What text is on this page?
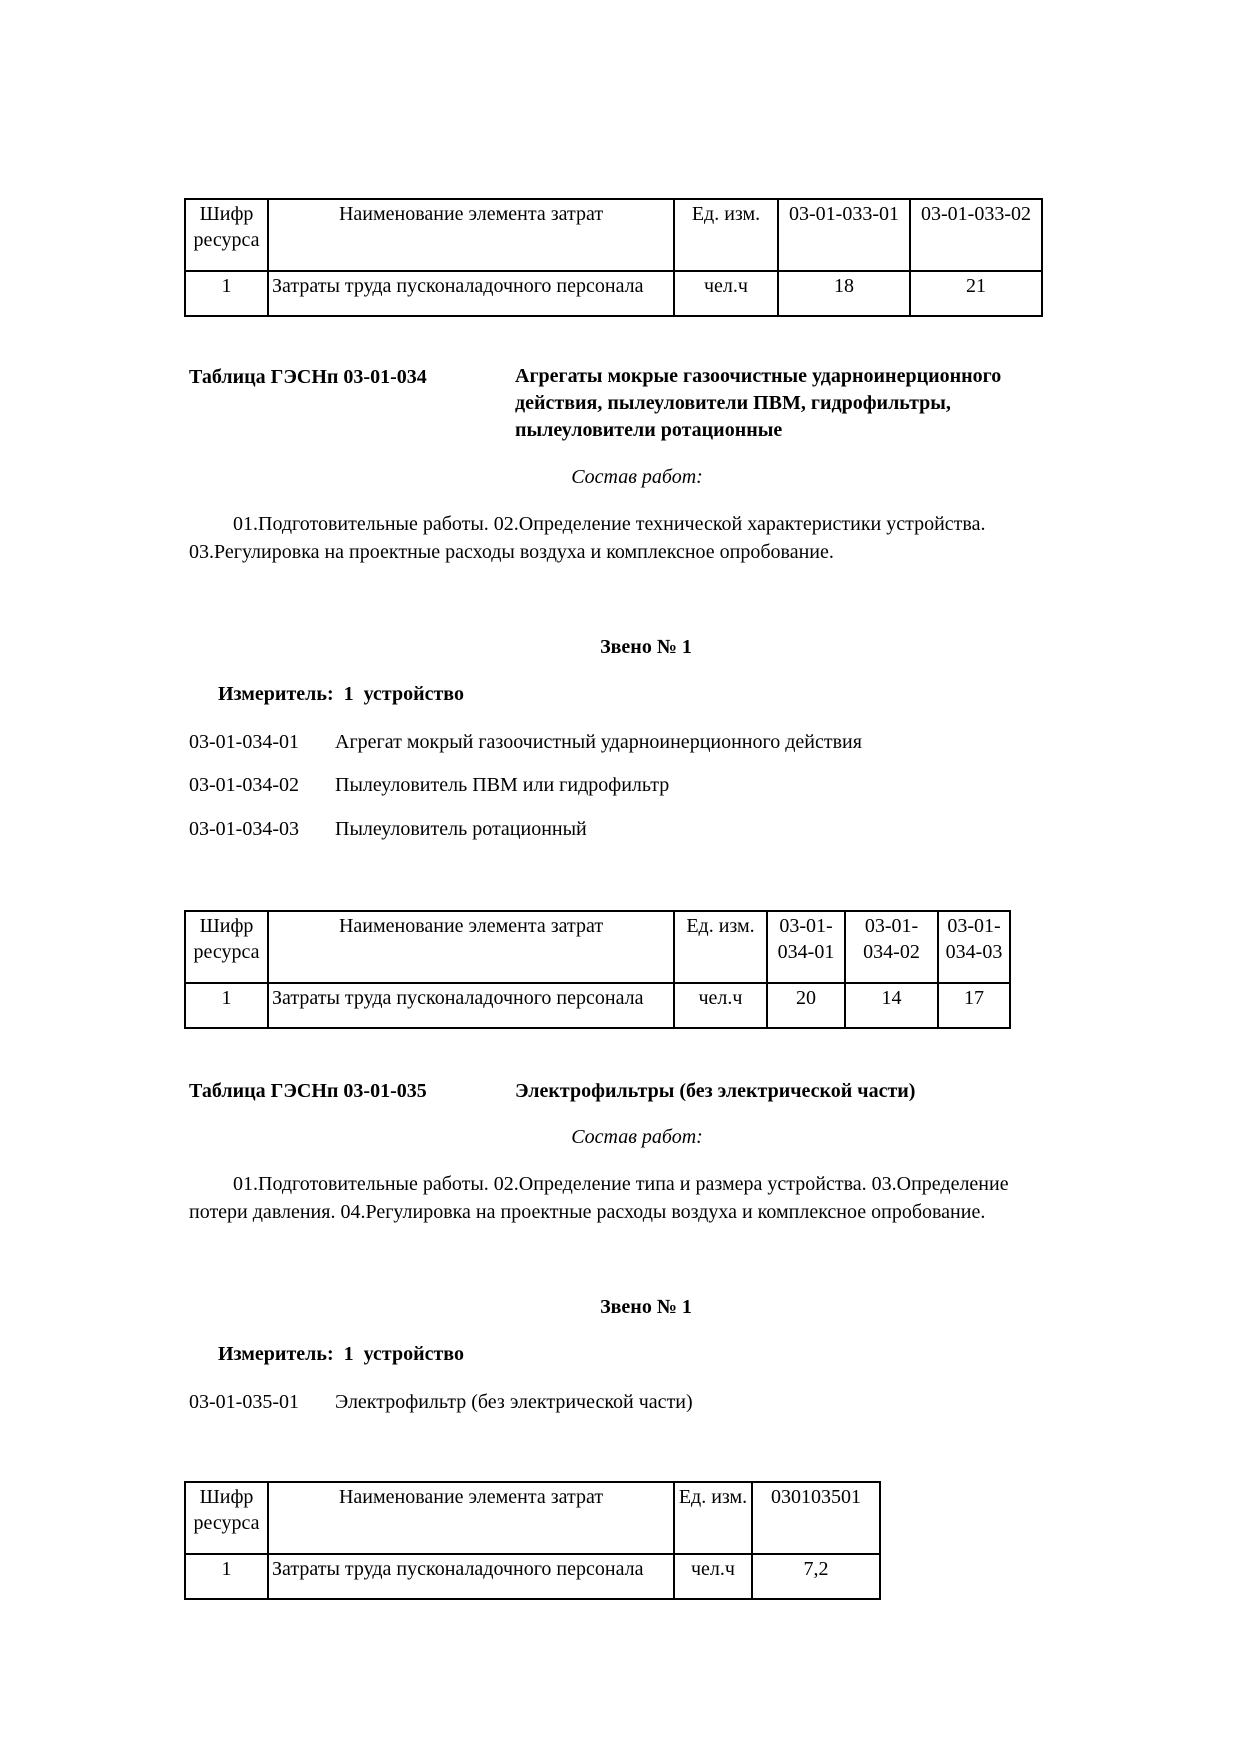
Шифр ресурса	Наименование элемента затрат	Ед. изм.	03-01-033-01	03-01-033-02
1	Затраты труда пусконаладочного персонала	чел.ч	18	21
Таблица ГЭСНп 03-01-034	Агрегаты мокрые газоочистные ударноинерционного действия, пылеуловители ПВМ, гидрофильтры, пылеуловители ротационные
Состав работ:
01.Подготовительные работы. 02.Определение технической характеристики устройства.
03.Регулировка на проектные расходы воздуха и комплексное опробование.
Звено № 1
Измеритель:  1  устройство
03-01-034-01 Агрегат мокрый газоочистный ударноинерционного действия
03-01-034-02 Пылеуловитель ПВМ или гидрофильтр
03-01-034-03 Пылеуловитель ротационный
Шифр ресурса	Наименование элемента затрат	Ед. изм.	03-01-034-01	03-01-034-02	03-01-034-03
1	Затраты труда пусконаладочного персонала	чел.ч	20	14	17
Таблица ГЭСНп 03-01-035	Электрофильтры (без электрической части)
Состав работ:
01.Подготовительные работы. 02.Определение типа и размера устройства. 03.Определение
потери давления. 04.Регулировка на проектные расходы воздуха и комплексное опробование.
Звено № 1
Измеритель:  1  устройство
03-01-035-01 Электрофильтр (без электрической части)
Шифр ресурса	Наименование элемента затрат	Ед. изм.	030103501
1	Затраты труда пусконаладочного персонала	чел.ч	7,2
